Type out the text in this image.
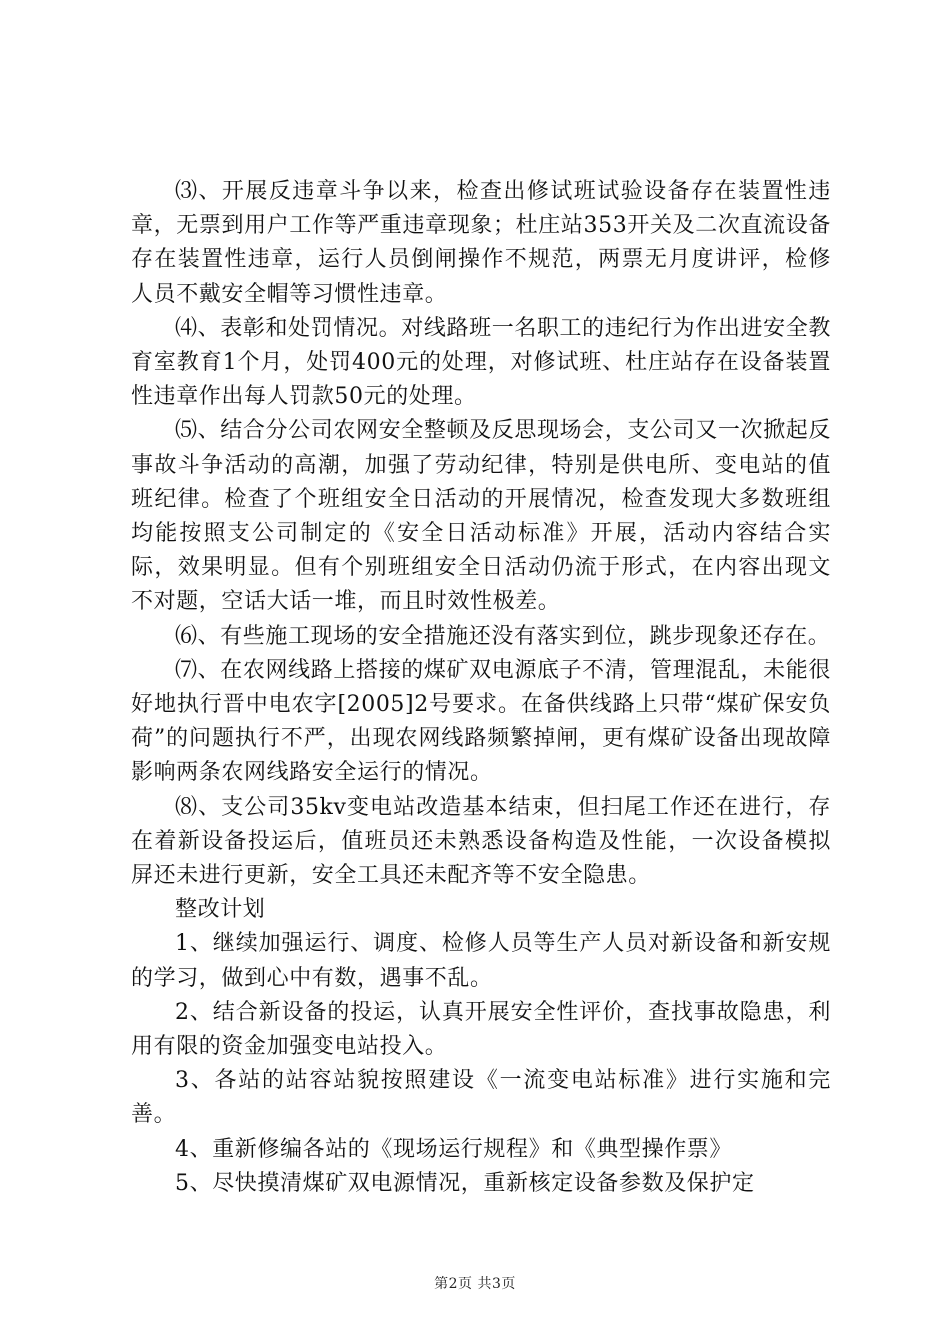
⑶、开展反违章斗争以来，检查出修试班试验设备存在装置性违章，无票到用户工作等严重违章现象；杜庄站353开关及二次直流设备存在装置性违章，运行人员倒闸操作不规范，两票无月度讲评，检修人员不戴安全帽等习惯性违章。

⑷、表彰和处罚情况。对线路班一名职工的违纪行为作出进安全教育室教育1个月，处罚400元的处理，对修试班、杜庄站存在设备装置性违章作出每人罚款50元的处理。

⑸、结合分公司农网安全整顿及反思现场会，支公司又一次掀起反事故斗争活动的高潮，加强了劳动纪律，特别是供电所、变电站的值班纪律。检查了个班组安全日活动的开展情况，检查发现大多数班组均能按照支公司制定的《安全日活动标准》开展，活动内容结合实际，效果明显。但有个别班组安全日活动仍流于形式，在内容出现文不对题，空话大话一堆，而且时效性极差。

⑹、有些施工现场的安全措施还没有落实到位，跳步现象还存在。

⑺、在农网线路上搭接的煤矿双电源底子不清，管理混乱，未能很好地执行晋中电农字[2005]2号要求。在备供线路上只带“煤矿保安负荷”的问题执行不严，出现农网线路频繁掉闸，更有煤矿设备出现故障影响两条农网线路安全运行的情况。

⑻、支公司35kv变电站改造基本结束，但扫尾工作还在进行，存在着新设备投运后，值班员还未熟悉设备构造及性能，一次设备模拟屏还未进行更新，安全工具还未配齐等不安全隐患。

整改计划

1、继续加强运行、调度、检修人员等生产人员对新设备和新安规的学习，做到心中有数，遇事不乱。

2、结合新设备的投运，认真开展安全性评价，查找事故隐患，利用有限的资金加强变电站投入。

3、各站的站容站貌按照建设《一流变电站标准》进行实施和完善。

4、重新修编各站的《现场运行规程》和《典型操作票》

5、尽快摸清煤矿双电源情况，重新核定设备参数及保护定

第2页 共3页
